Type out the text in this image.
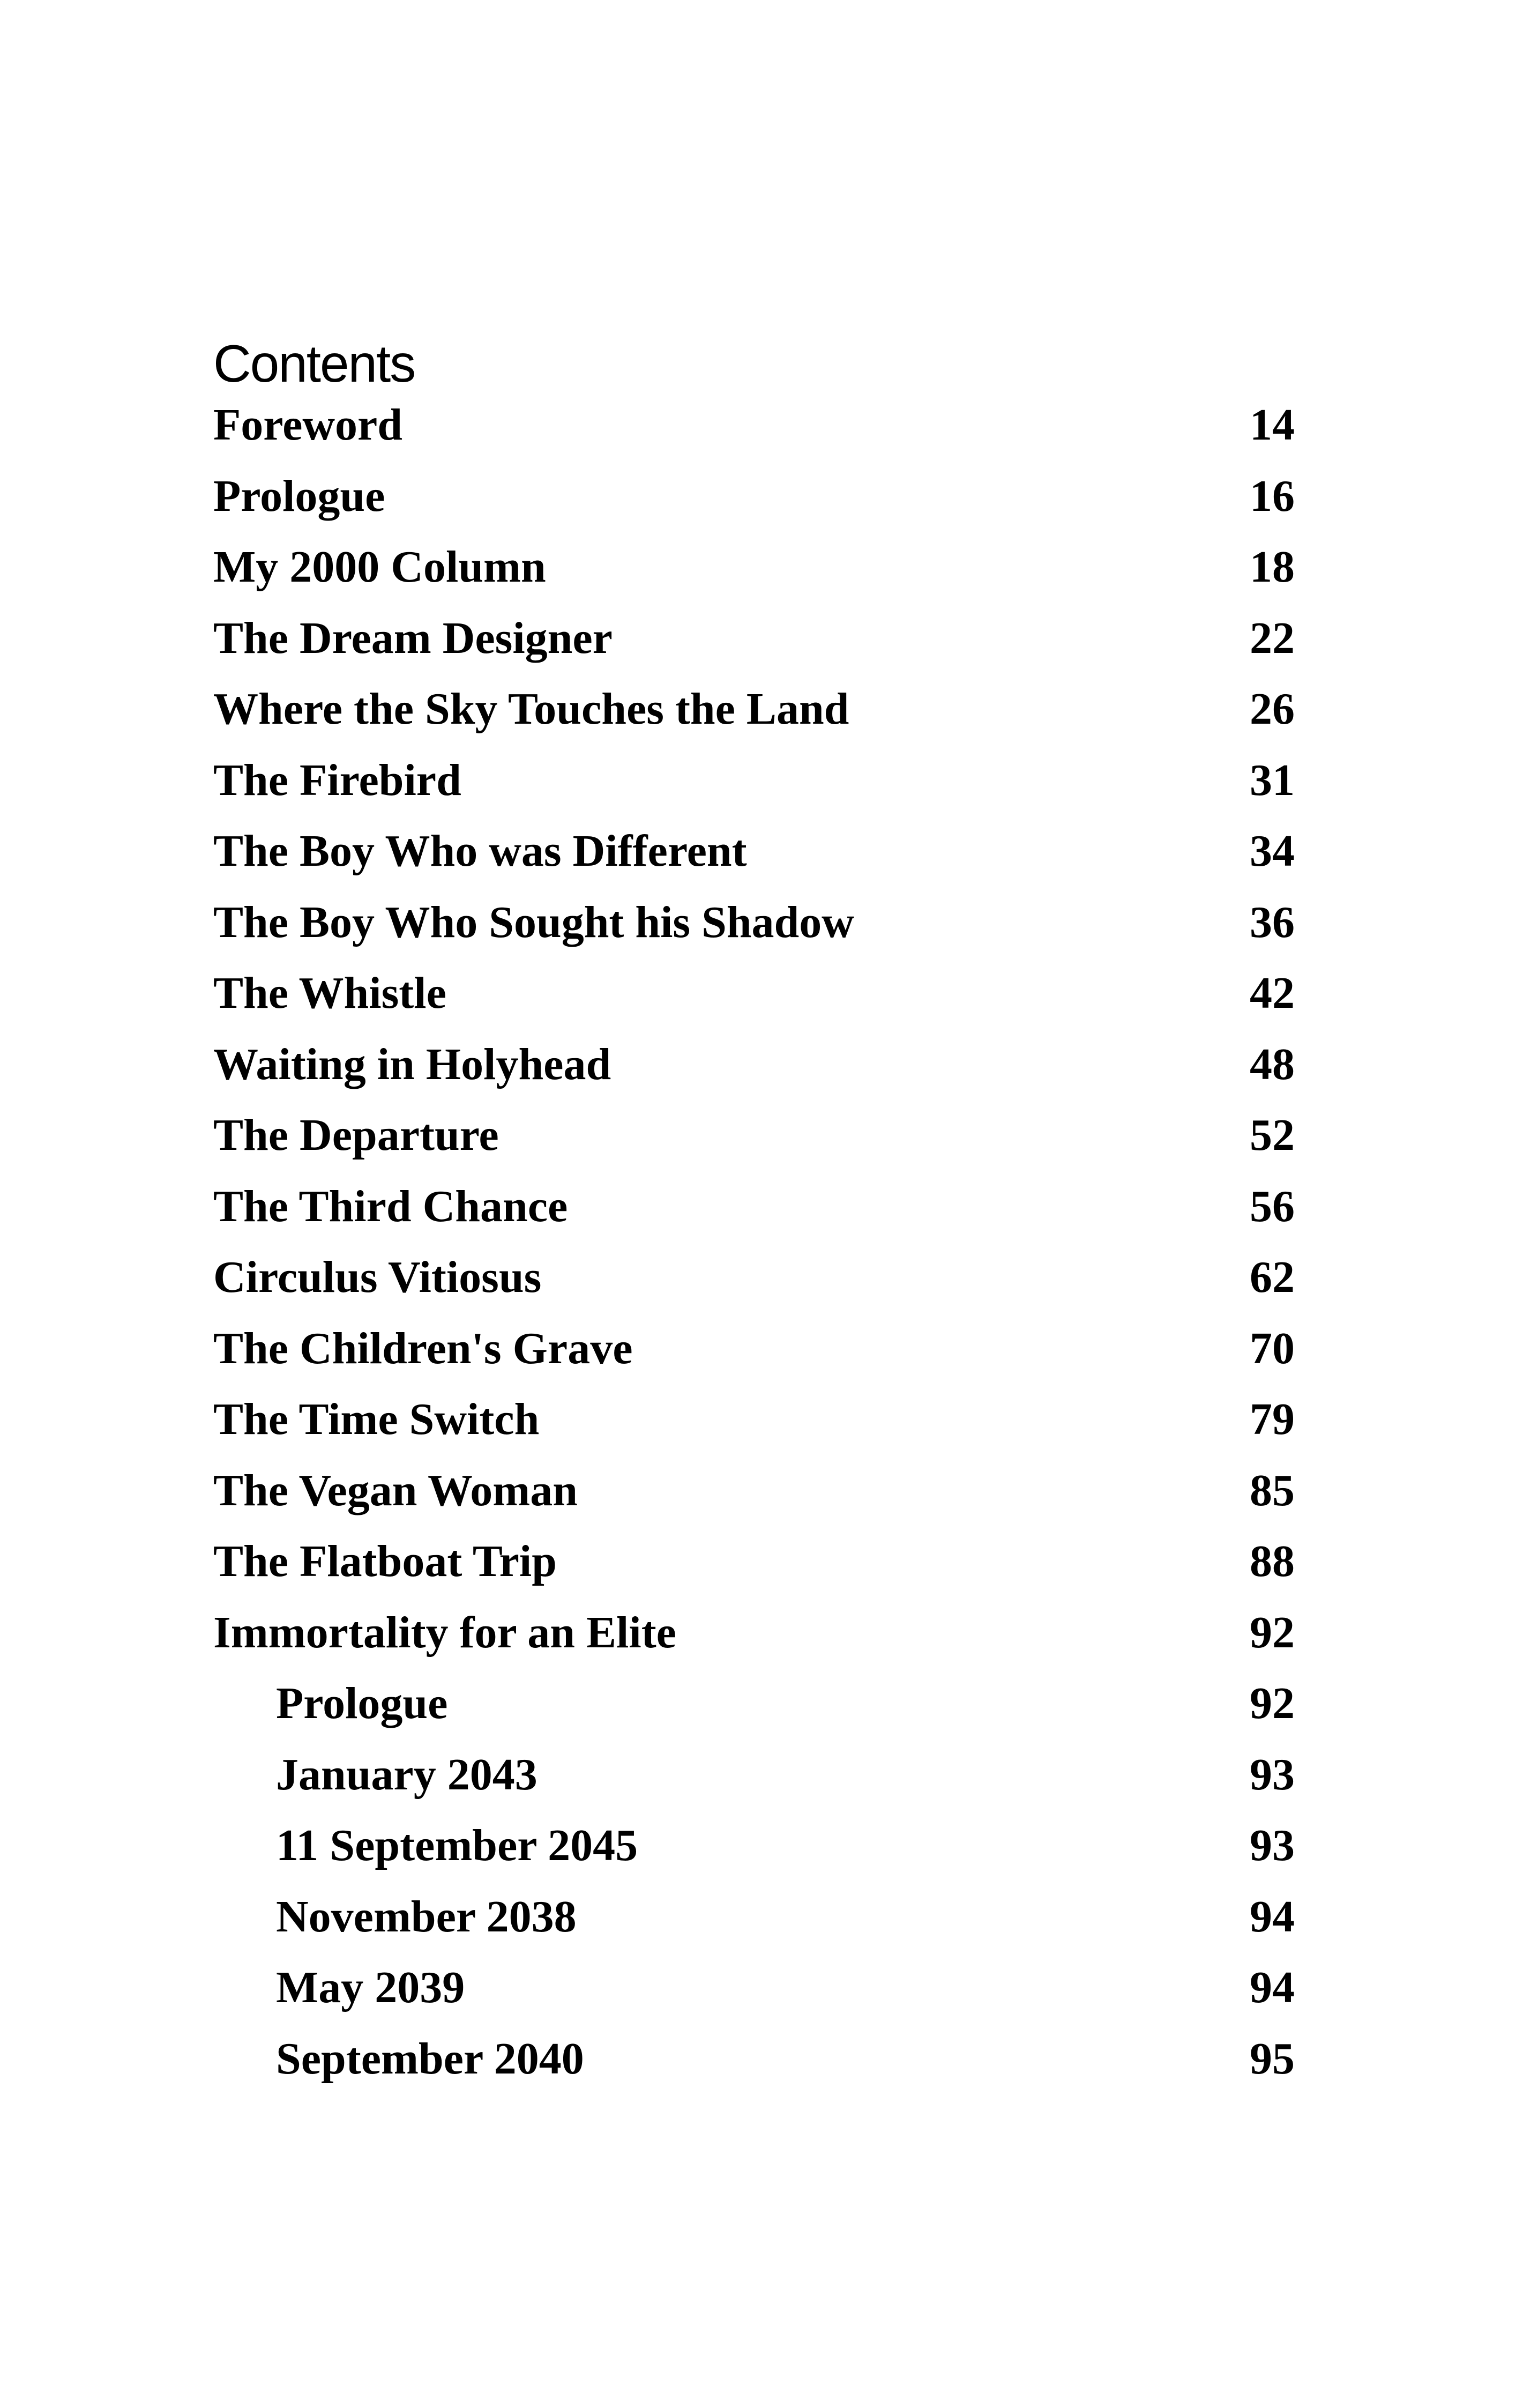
Contents
Foreword	14
Prologue	16
My 2000 Column	18
The Dream Designer	22
Where the Sky Touches the Land	26
The Firebird	31
The Boy Who was Different	34
The Boy Who Sought his Shadow	36
The Whistle	42
Waiting in Holyhead	48
The Departure	52
The Third Chance	56
Circulus Vitiosus	62
The Children's Grave	70
The Time Switch	79
The Vegan Woman	85
The Flatboat Trip	88
Immortality for an Elite	92
Prologue	92
January 2043	93
11 September 2045	93
November 2038	94
May 2039	94
September 2040	95
